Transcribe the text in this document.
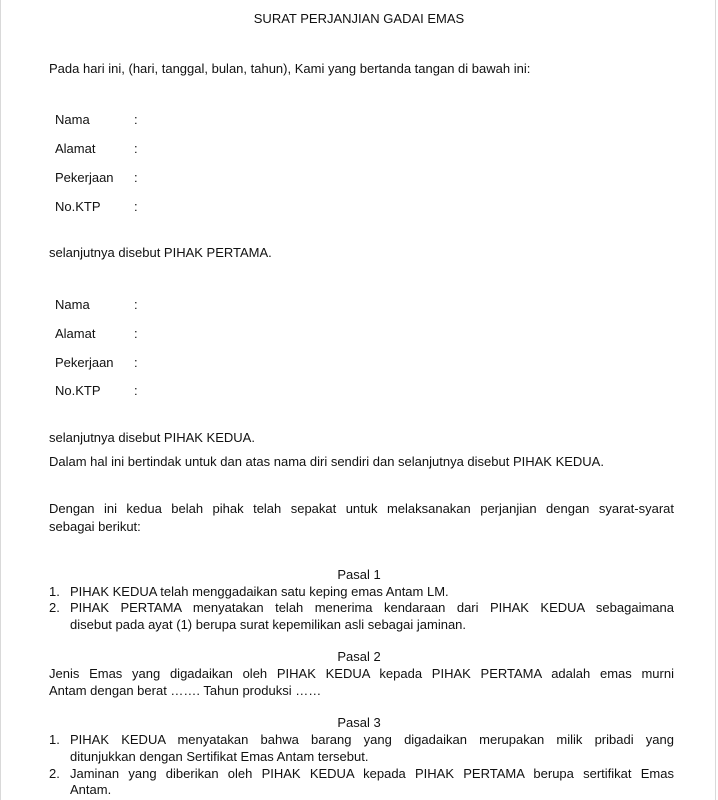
SURAT PERJANJIAN GADAI EMAS
Pada hari ini, (hari, tanggal, bulan, tahun), Kami yang bertanda tangan di bawah ini:
Nama	:
Alamat	:
Pekerjaan :
No.KTP	:
selanjutnya disebut PIHAK PERTAMA.
Nama	:
Alamat	:
Pekerjaan :
No.KTP	:
selanjutnya disebut PIHAK KEDUA.
Dalam hal ini bertindak untuk dan atas nama diri sendiri dan selanjutnya disebut PIHAK KEDUA.
Dengan ini kedua belah pihak telah sepakat untuk melaksanakan perjanjian dengan syarat-syarat
sebagai berikut:
Pasal 1
1. PIHAK KEDUA telah menggadaikan satu keping emas Antam LM.
2. PIHAK PERTAMA menyatakan telah menerima kendaraan dari PIHAK KEDUA sebagaimana
disebut pada ayat (1) berupa surat kepemilikan asli sebagai jaminan.
Pasal 2
Jenis Emas yang digadaikan oleh PIHAK KEDUA kepada PIHAK PERTAMA adalah emas murni
Antam dengan berat ……. Tahun produksi ……
Pasal 3
1. PIHAK KEDUA menyatakan bahwa barang yang digadaikan merupakan milik pribadi yang
ditunjukkan dengan Sertifikat Emas Antam tersebut.
2. Jaminan yang diberikan oleh PIHAK KEDUA kepada PIHAK PERTAMA berupa sertifikat Emas
Antam.
